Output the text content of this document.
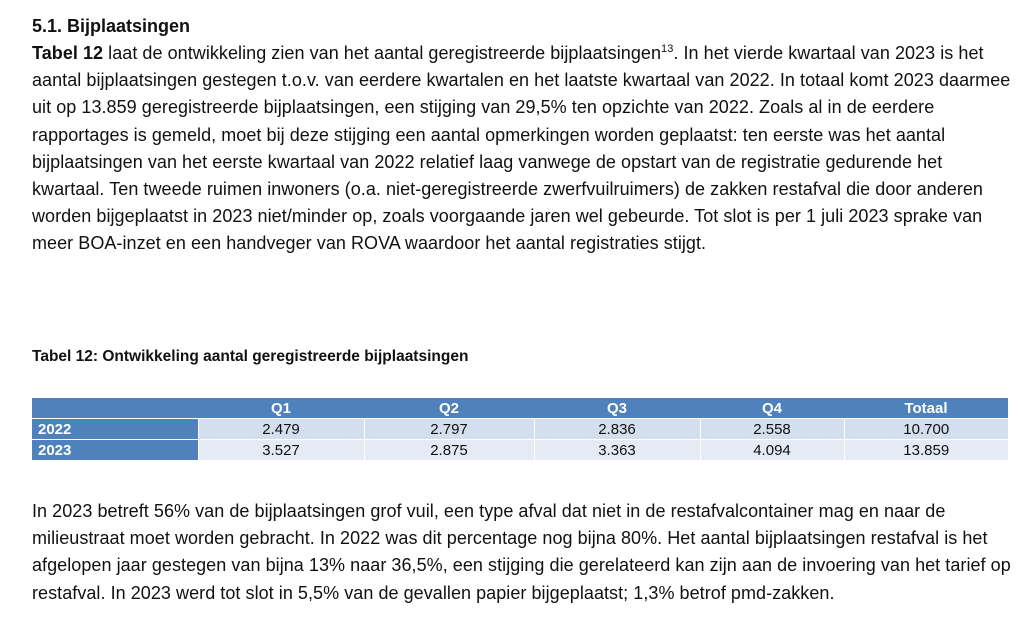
5.1. Bijplaatsingen

Tabel 12 laat de ontwikkeling zien van het aantal geregistreerde bijplaatsingen$^{13}$. In het vierde kwartaal van 2023 is het aantal bijplaatsingen gestegen t.o.v. van eerdere kwartalen en het laatste kwartaal van 2022. In totaal komt 2023 daarmee uit op 13.859 geregistreerde bijplaatsingen, een stijging van 29,5% ten opzichte van 2022. Zoals al in de eerdere rapportages is gemeld, moet bij deze stijging een aantal opmerkingen worden geplaatst: ten eerste was het aantal bijplaatsingen van het eerste kwartaal van 2022 relatief laag vanwege de opstart van de registratie gedurende het kwartaal. Ten tweede ruimen inwoners (o.a. niet-geregistreerde zwerfvuilruimers) de zakken restafval die door anderen worden bijgeplaatst in 2023 niet/minder op, zoals voorgaande jaren wel gebeurde. Tot slot is per 1 juli 2023 sprake van meer BOA-inzet en een handveger van ROVA waardoor het aantal registraties stijgt.

Tabel 12: Ontwikkeling aantal geregistreerde bijplaatsingen
	Q1	Q2	Q3	Q4	Totaal
2022	2.479	2.797	2.836	2.558	10.700
2023	3.527	2.875	3.363	4.094	13.859

In 2023 betreft 56% van de bijplaatsingen grof vuil, een type afval dat niet in de restafvalcontainer mag en naar de milieustraat moet worden gebracht. In 2022 was dit percentage nog bijna 80%. Het aantal bijplaatsingen restafval is het afgelopen jaar gestegen van bijna 13% naar 36,5%, een stijging die gerelateerd kan zijn aan de invoering van het tarief op restafval. In 2023 werd tot slot in 5,5% van de gevallen papier bijgeplaatst; 1,3% betrof pmd-zakken.
